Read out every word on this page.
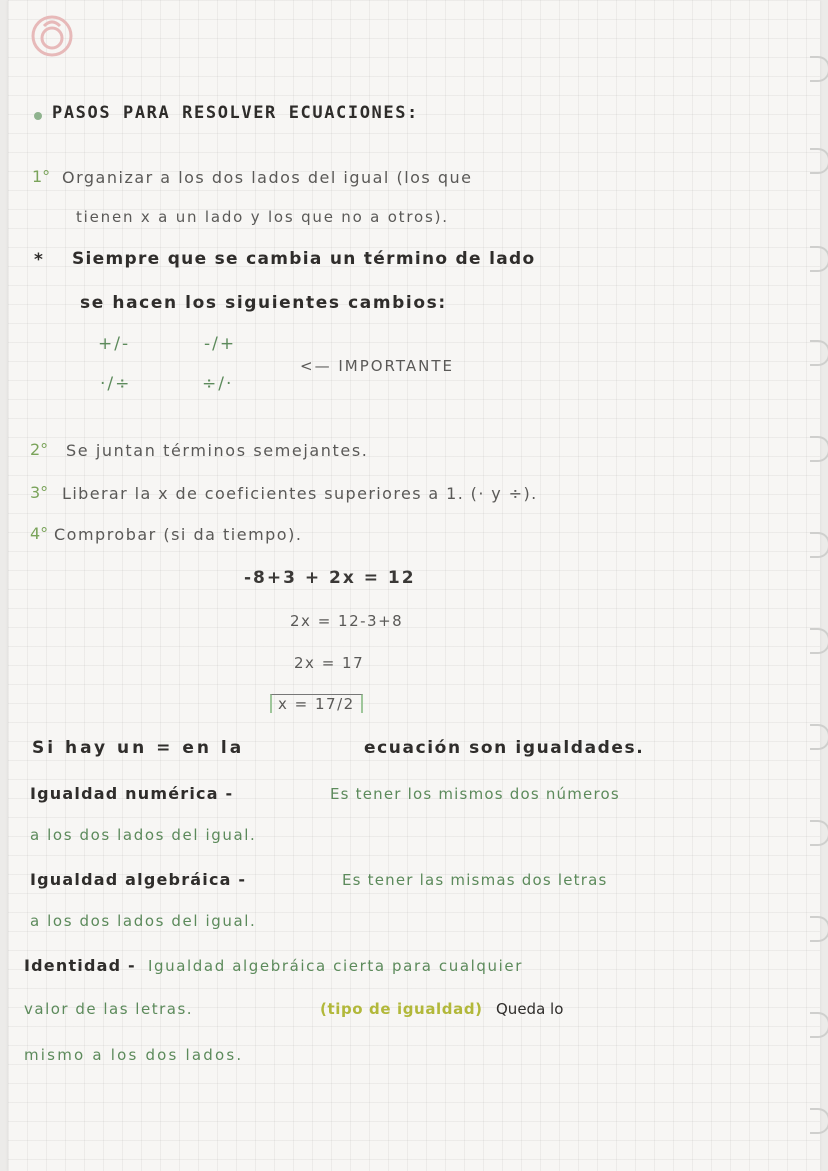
PASOS PARA RESOLVER ECUACIONES:
1° Organizar a los dos lados del igual (los que
tienen x a un lado y los que no a otros).
* Siempre que se cambia un término de lado
se hacen los siguientes cambios:
+/-	-/+
·/÷	÷/·
<— IMPORTANTE
2° Se juntan términos semejantes.
3° Liberar la x de coeficientes superiores a 1. (· y ÷).
4° Comprobar (si da tiempo).
-8+3 + 2x = 12
2x = 12-3+8
2x = 17
x = 17/2
Si hay un = en la	ecuación son igualdades.
Igualdad numérica -	Es tener los mismos dos números
a los dos lados del igual.
Igualdad algebráica -	Es tener las mismas dos letras
a los dos lados del igual.
Identidad - Igualdad algebráica cierta para cualquier
valor de las letras.	(tipo de igualdad) Queda lo
mismo a los dos lados.
